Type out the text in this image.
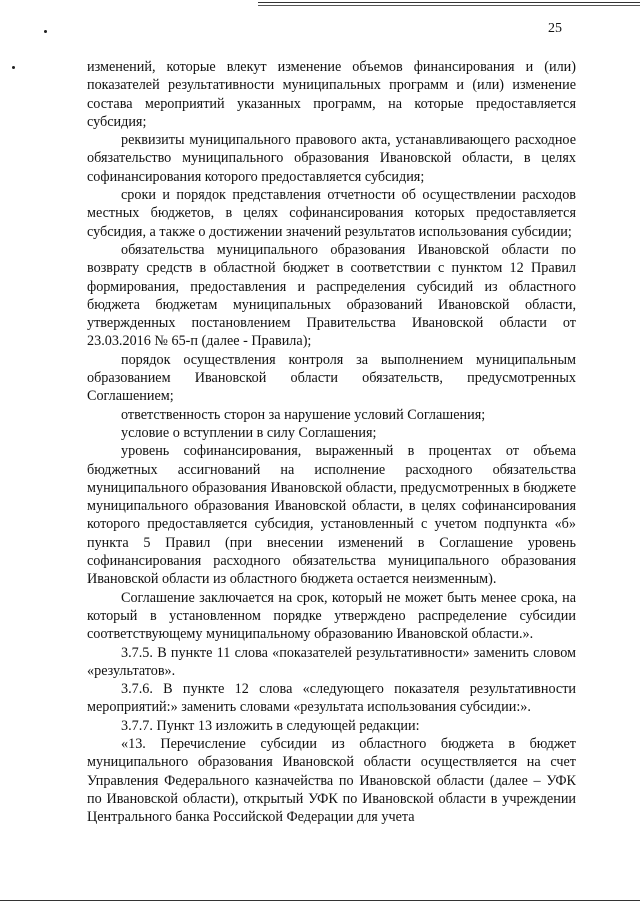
25

изменений, которые влекут изменение объемов финансирования и (или) показателей результативности муниципальных программ и (или) изменение состава мероприятий указанных программ, на которые предоставляется субсидия;

реквизиты муниципального правового акта, устанавливающего расходное обязательство муниципального образования Ивановской области, в целях софинансирования которого предоставляется субсидия;

сроки и порядок представления отчетности об осуществлении расходов местных бюджетов, в целях софинансирования которых предоставляется субсидия, а также о достижении значений результатов использования субсидии;

обязательства муниципального образования Ивановской области по возврату средств в областной бюджет в соответствии с пунктом 12 Правил формирования, предоставления и распределения субсидий из областного бюджета бюджетам муниципальных образований Ивановской области, утвержденных постановлением Правительства Ивановской области от 23.03.2016 № 65-п (далее - Правила);

порядок осуществления контроля за выполнением муниципальным образованием Ивановской области обязательств, предусмотренных Соглашением;

ответственность сторон за нарушение условий Соглашения;

условие о вступлении в силу Соглашения;

уровень софинансирования, выраженный в процентах от объема бюджетных ассигнований на исполнение расходного обязательства муниципального образования Ивановской области, предусмотренных в бюджете муниципального образования Ивановской области, в целях софинансирования которого предоставляется субсидия, установленный с учетом подпункта «б» пункта 5 Правил (при внесении изменений в Соглашение уровень софинансирования расходного обязательства муниципального образования Ивановской области из областного бюджета остается неизменным).

Соглашение заключается на срок, который не может быть менее срока, на который в установленном порядке утверждено распределение субсидии соответствующему муниципальному образованию Ивановской области.».

3.7.5. В пункте 11 слова «показателей результативности» заменить словом «результатов».

3.7.6. В пункте 12 слова «следующего показателя результативности мероприятий:» заменить словами «результата использования субсидии:».

3.7.7. Пункт 13 изложить в следующей редакции:

«13. Перечисление субсидии из областного бюджета в бюджет муниципального образования Ивановской области осуществляется на счет Управления Федерального казначейства по Ивановской области (далее – УФК по Ивановской области), открытый УФК по Ивановской области в учреждении Центрального банка Российской Федерации для учета
